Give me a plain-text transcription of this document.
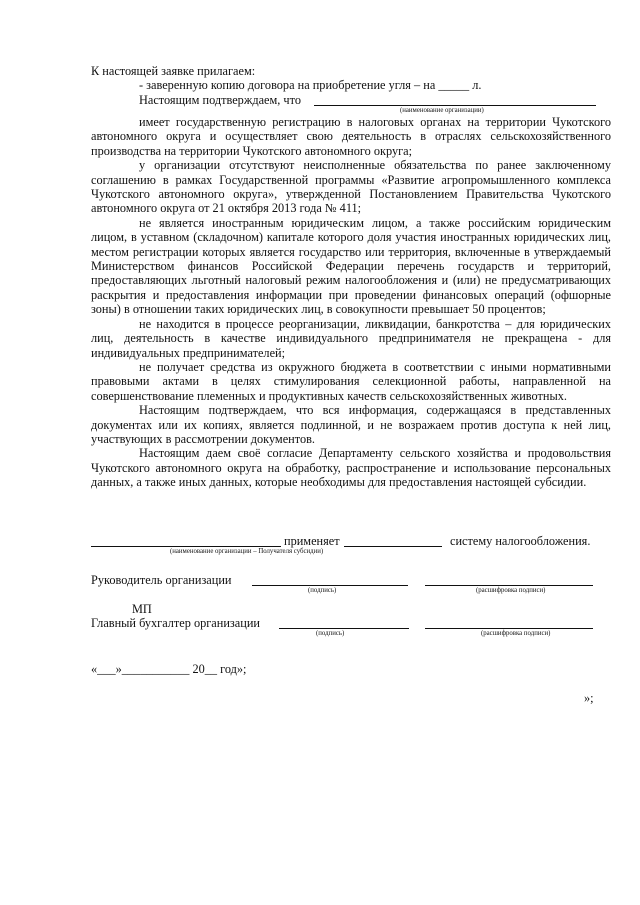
К настоящей заявке прилагаем:
- заверенную копию договора на приобретение угля – на _____ л.
Настоящим подтверждаем, что
(наименование организации)

имеет государственную регистрацию в налоговых органах на территории Чукотского автономного округа и осуществляет свою деятельность в отраслях сельскохозяйственного производства на территории Чукотского автономного округа;

у организации отсутствуют неисполненные обязательства по ранее заключенному соглашению в рамках Государственной программы «Развитие агропромышленного комплекса Чукотского автономного округа», утвержденной Постановлением Правительства Чукотского автономного округа от 21 октября 2013 года № 411;

не является иностранным юридическим лицом, а также российским юридическим лицом, в уставном (складочном) капитале которого доля участия иностранных юридических лиц, местом регистрации которых является государство или территория, включенные в утверждаемый Министерством финансов Российской Федерации перечень государств и территорий, предоставляющих льготный налоговый режим налогообложения и (или) не предусматривающих раскрытия и предоставления информации при проведении финансовых операций (офшорные зоны) в отношении таких юридических лиц, в совокупности превышает 50 процентов;

не находится в процессе реорганизации, ликвидации, банкротства – для юридических лиц, деятельность в качестве индивидуального предпринимателя не прекращена - для индивидуальных предпринимателей;

не получает средства из окружного бюджета в соответствии с иными нормативными правовыми актами в целях стимулирования селекционной работы, направленной на совершенствование племенных и продуктивных качеств сельскохозяйственных животных.

Настоящим подтверждаем, что вся информация, содержащаяся в представленных документах или их копиях, является подлинной, и не возражаем против доступа к ней лиц, участвующих в рассмотрении документов.

Настоящим даем своё согласие Департаменту сельского хозяйства и продовольствия Чукотского автономного округа на обработку, распространение и использование персональных данных, а также иных данных, которые необходимы для предоставления настоящей субсидии.

применяет	систему налогообложения.
(наименование организации – Получателя субсидии)
Руководитель организации
(подпись)	(расшифровка подписи)
МП
Главный бухгалтер организации
(подпись)	(расшифровка подписи)
«___»___________ 20__ год»;
»;
